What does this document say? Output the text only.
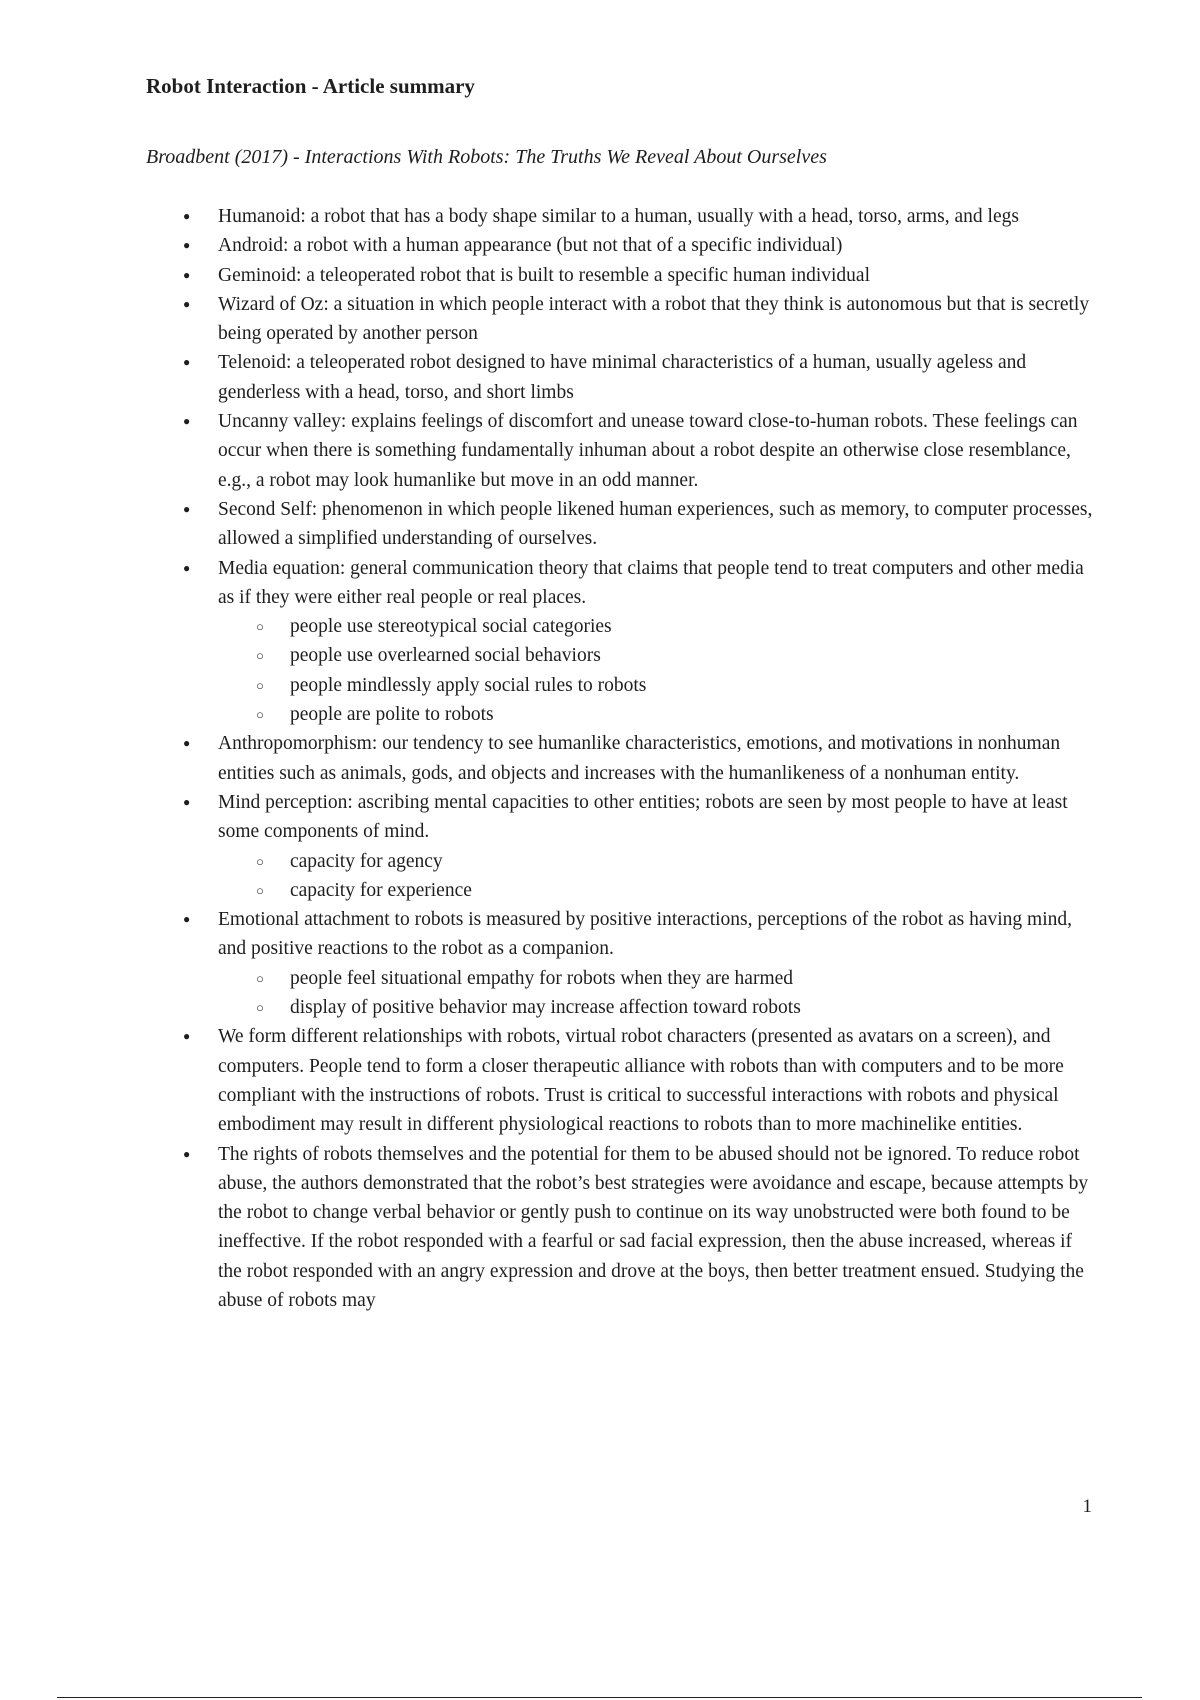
Robot Interaction - Article summary

Broadbent (2017) - Interactions With Robots: The Truths We Reveal About Ourselves

● Humanoid: a robot that has a body shape similar to a human, usually with a head, torso, arms, and legs
● Android: a robot with a human appearance (but not that of a specific individual)
● Geminoid: a teleoperated robot that is built to resemble a specific human individual
● Wizard of Oz: a situation in which people interact with a robot that they think is autonomous but that is secretly being operated by another person
● Telenoid: a teleoperated robot designed to have minimal characteristics of a human, usually ageless and genderless with a head, torso, and short limbs
● Uncanny valley: explains feelings of discomfort and unease toward close-to-human robots. These feelings can occur when there is something fundamentally inhuman about a robot despite an otherwise close resemblance, e.g., a robot may look humanlike but move in an odd manner.
● Second Self: phenomenon in which people likened human experiences, such as memory, to computer processes, allowed a simplified understanding of ourselves.
● Media equation: general communication theory that claims that people tend to treat computers and other media as if they were either real people or real places.
○ people use stereotypical social categories
○ people use overlearned social behaviors
○ people mindlessly apply social rules to robots
○ people are polite to robots
● Anthropomorphism: our tendency to see humanlike characteristics, emotions, and motivations in nonhuman entities such as animals, gods, and objects and increases with the humanlikeness of a nonhuman entity.
● Mind perception: ascribing mental capacities to other entities; robots are seen by most people to have at least some components of mind.
○ capacity for agency
○ capacity for experience
● Emotional attachment to robots is measured by positive interactions, perceptions of the robot as having mind, and positive reactions to the robot as a companion.
○ people feel situational empathy for robots when they are harmed
○ display of positive behavior may increase affection toward robots
● We form different relationships with robots, virtual robot characters (presented as avatars on a screen), and computers. People tend to form a closer therapeutic alliance with robots than with computers and to be more compliant with the instructions of robots. Trust is critical to successful interactions with robots and physical embodiment may result in different physiological reactions to robots than to more machinelike entities.
● The rights of robots themselves and the potential for them to be abused should not be ignored. To reduce robot abuse, the authors demonstrated that the robot’s best strategies were avoidance and escape, because attempts by the robot to change verbal behavior or gently push to continue on its way unobstructed were both found to be ineffective. If the robot responded with a fearful or sad facial expression, then the abuse increased, whereas if the robot responded with an angry expression and drove at the boys, then better treatment ensued. Studying the abuse of robots may
1
